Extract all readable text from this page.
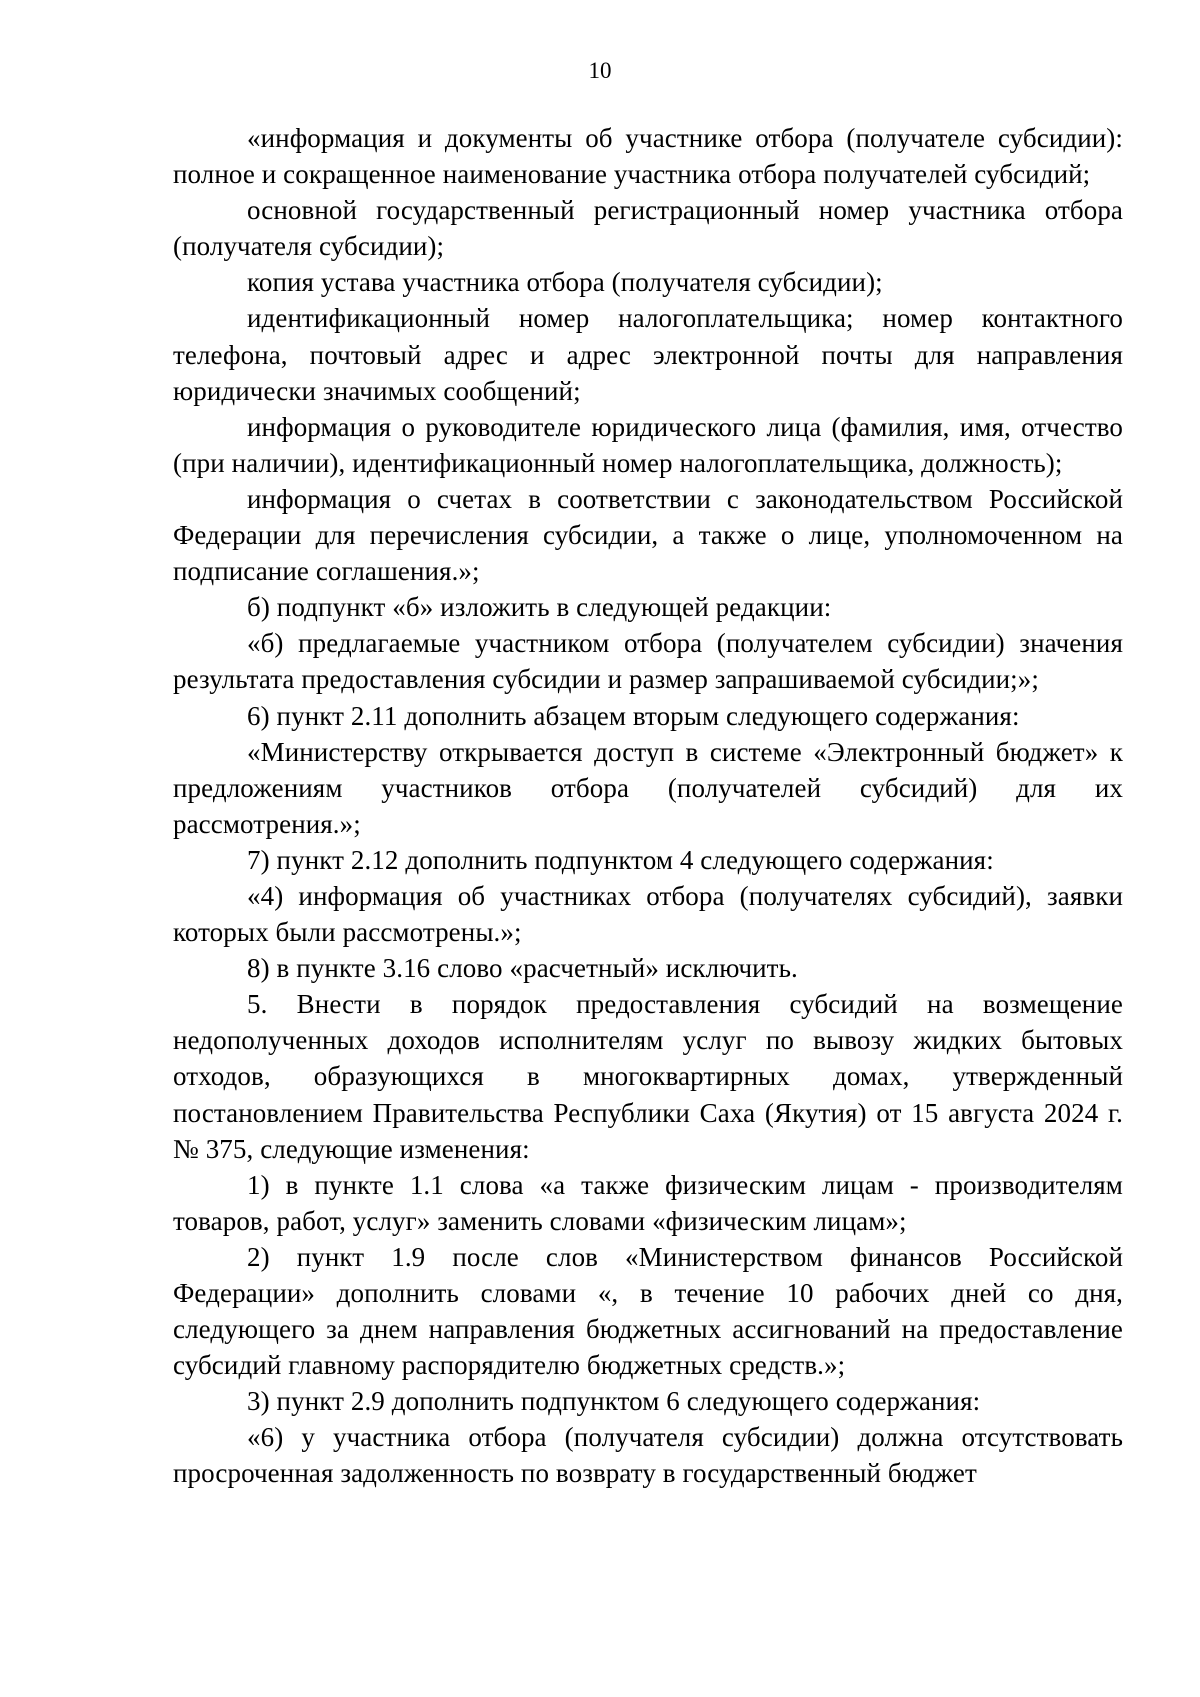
10

«информация и документы об участнике отбора (получателе субсидии): полное и сокращенное наименование участника отбора получателей субсидий;

основной государственный регистрационный номер участника отбора (получателя субсидии);

копия устава участника отбора (получателя субсидии);

идентификационный номер налогоплательщика; номер контактного телефона, почтовый адрес и адрес электронной почты для направления юридически значимых сообщений;

информация о руководителе юридического лица (фамилия, имя, отчество (при наличии), идентификационный номер налогоплательщика, должность);

информация о счетах в соответствии с законодательством Российской Федерации для перечисления субсидии, а также о лице, уполномоченном на подписание соглашения.»;

б) подпункт «б» изложить в следующей редакции:

«б) предлагаемые участником отбора (получателем субсидии) значения результата предоставления субсидии и размер запрашиваемой субсидии;»;

6) пункт 2.11 дополнить абзацем вторым следующего содержания:

«Министерству открывается доступ в системе «Электронный бюджет» к предложениям участников отбора (получателей субсидий) для их рассмотрения.»;

7) пункт 2.12 дополнить подпунктом 4 следующего содержания:

«4) информация об участниках отбора (получателях субсидий), заявки которых были рассмотрены.»;

8) в пункте 3.16 слово «расчетный» исключить.

5. Внести в порядок предоставления субсидий на возмещение недополученных доходов исполнителям услуг по вывозу жидких бытовых отходов, образующихся в многоквартирных домах, утвержденный постановлением Правительства Республики Саха (Якутия) от 15 августа 2024 г. № 375, следующие изменения:

1) в пункте 1.1 слова «а также физическим лицам - производителям товаров, работ, услуг» заменить словами «физическим лицам»;

2) пункт 1.9 после слов «Министерством финансов Российской Федерации» дополнить словами «, в течение 10 рабочих дней со дня, следующего за днем направления бюджетных ассигнований на предоставление субсидий главному распорядителю бюджетных средств.»;

3) пункт 2.9 дополнить подпунктом 6 следующего содержания:

«6) у участника отбора (получателя субсидии) должна отсутствовать просроченная задолженность по возврату в государственный бюджет
